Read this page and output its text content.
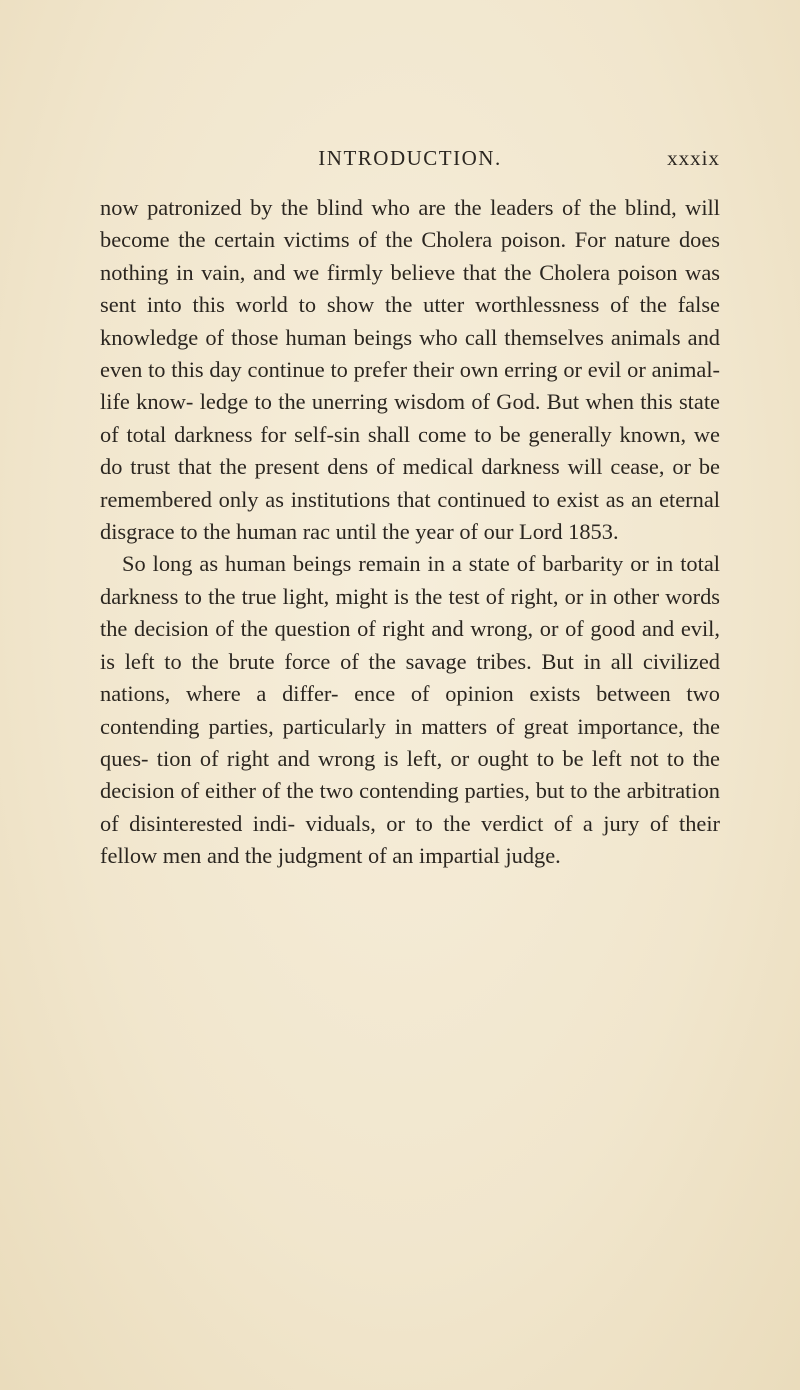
INTRODUCTION.	xxxix

now patronized by the blind who are the leaders of the blind, will become the certain victims of the Cholera poison. For nature does nothing in vain, and we firmly believe that the Cholera poison was sent into this world to show the utter worthlessness of the false knowledge of those human beings who call themselves animals and even to this day continue to prefer their own erring or evil or animal-life know- ledge to the unerring wisdom of God. But when this state of total darkness for self-sin shall come to be generally known, we do trust that the present dens of medical darkness will cease, or be remembered only as institutions that continued to exist as an eternal disgrace to the human rac until the year of our Lord 1853.

So long as human beings remain in a state of barbarity or in total darkness to the true light, might is the test of right, or in other words the decision of the question of right and wrong, or of good and evil, is left to the brute force of the savage tribes. But in all civilized nations, where a differ- ence of opinion exists between two contending parties, particularly in matters of great importance, the ques- tion of right and wrong is left, or ought to be left not to the decision of either of the two contending parties, but to the arbitration of disinterested indi- viduals, or to the verdict of a jury of their fellow men and the judgment of an impartial judge.
